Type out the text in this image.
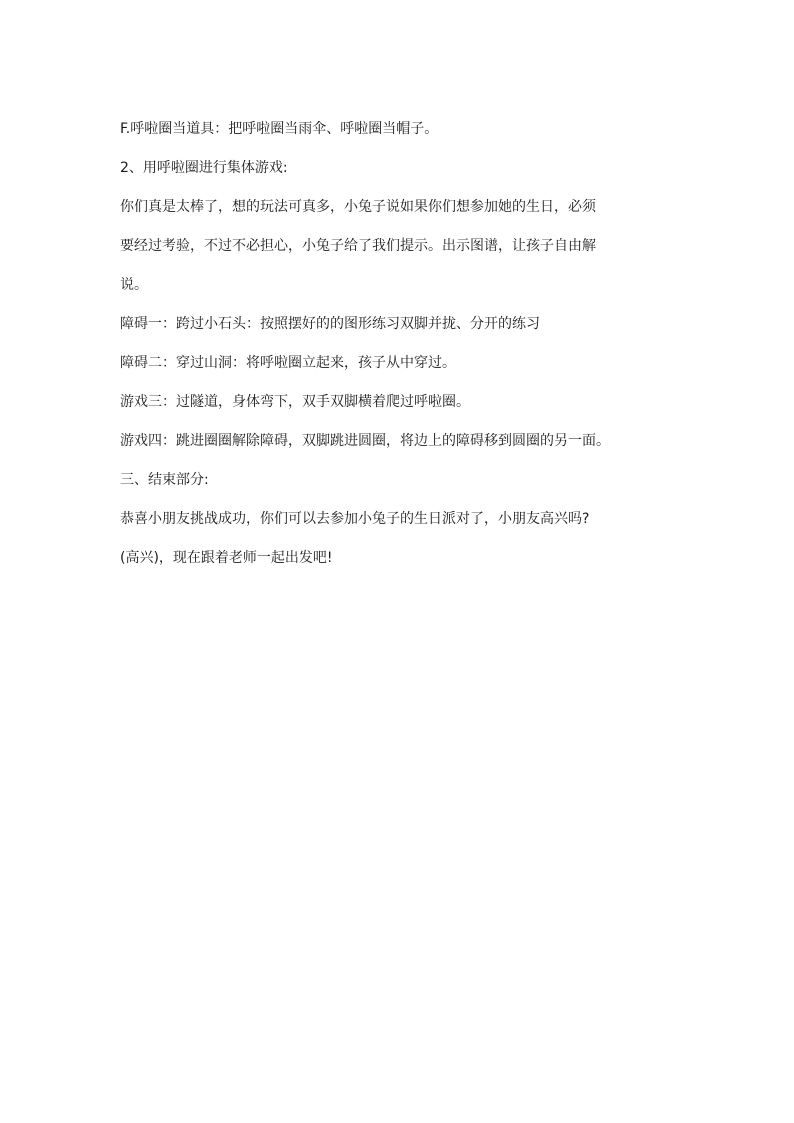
F.呼啦圈当道具：把呼啦圈当雨伞、呼啦圈当帽子。
2、用呼啦圈进行集体游戏:
你们真是太棒了，想的玩法可真多，小兔子说如果你们想参加她的生日，必须
要经过考验，不过不必担心，小兔子给了我们提示。出示图谱，让孩子自由解
说。
障碍一：跨过小石头：按照摆好的的图形练习双脚并拢、分开的练习
障碍二：穿过山洞：将呼啦圈立起来，孩子从中穿过。
游戏三：过隧道，身体弯下，双手双脚横着爬过呼啦圈。
游戏四：跳进圈圈解除障碍，双脚跳进圆圈，将边上的障碍移到圆圈的另一面。
三、结束部分:
恭喜小朋友挑战成功，你们可以去参加小兔子的生日派对了，小朋友高兴吗?
(高兴)，现在跟着老师一起出发吧!
